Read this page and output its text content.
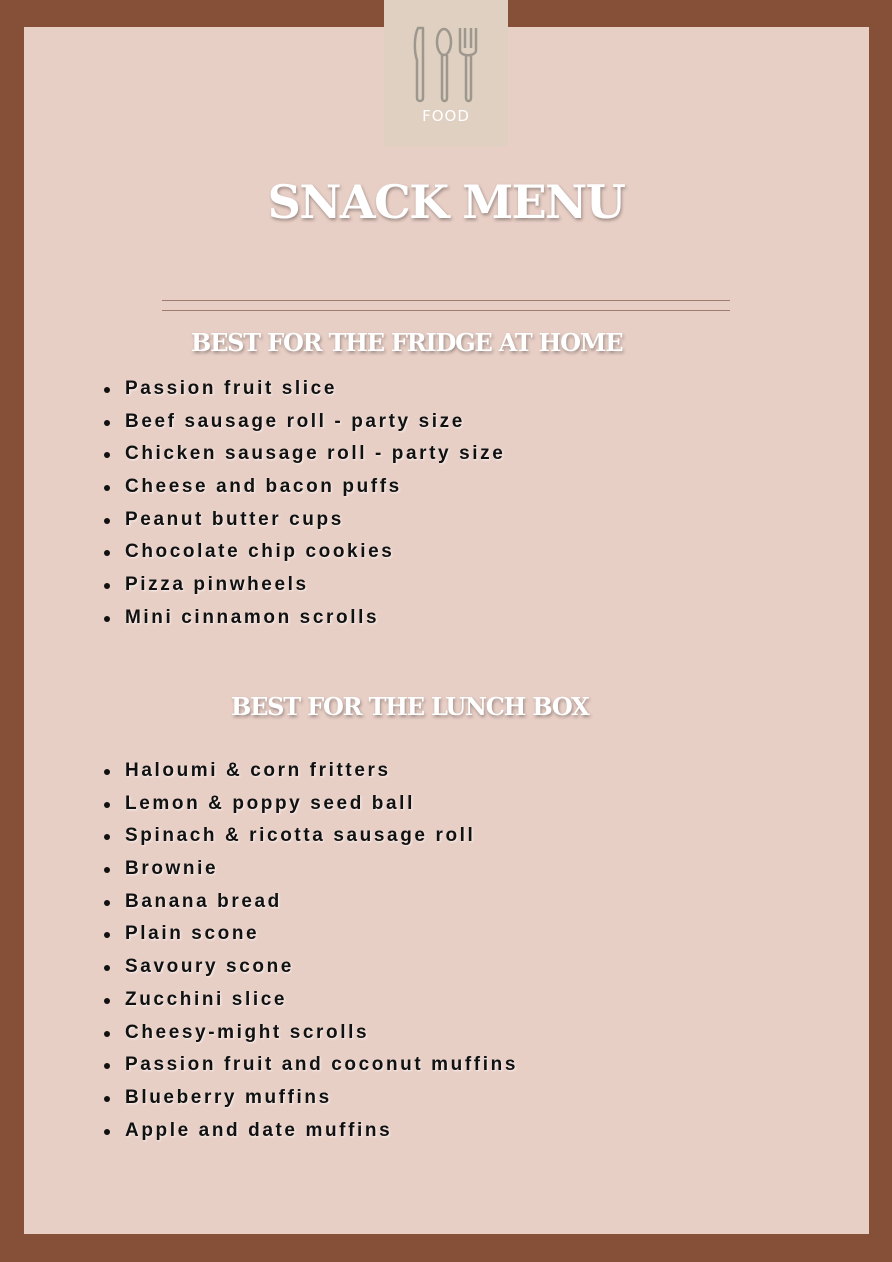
FOOD
SNACK MENU
BEST FOR THE FRIDGE AT HOME
Passion fruit slice
Beef sausage roll - party size
Chicken sausage roll - party size
Cheese and bacon puffs
Peanut butter cups
Chocolate chip cookies
Pizza pinwheels
Mini cinnamon scrolls
BEST FOR THE LUNCH BOX
Haloumi & corn fritters
Lemon & poppy seed ball
Spinach & ricotta sausage roll
Brownie
Banana bread
Plain scone
Savoury scone
Zucchini slice
Cheesy-might scrolls
Passion fruit and coconut muffins
Blueberry muffins
Apple and date muffins
